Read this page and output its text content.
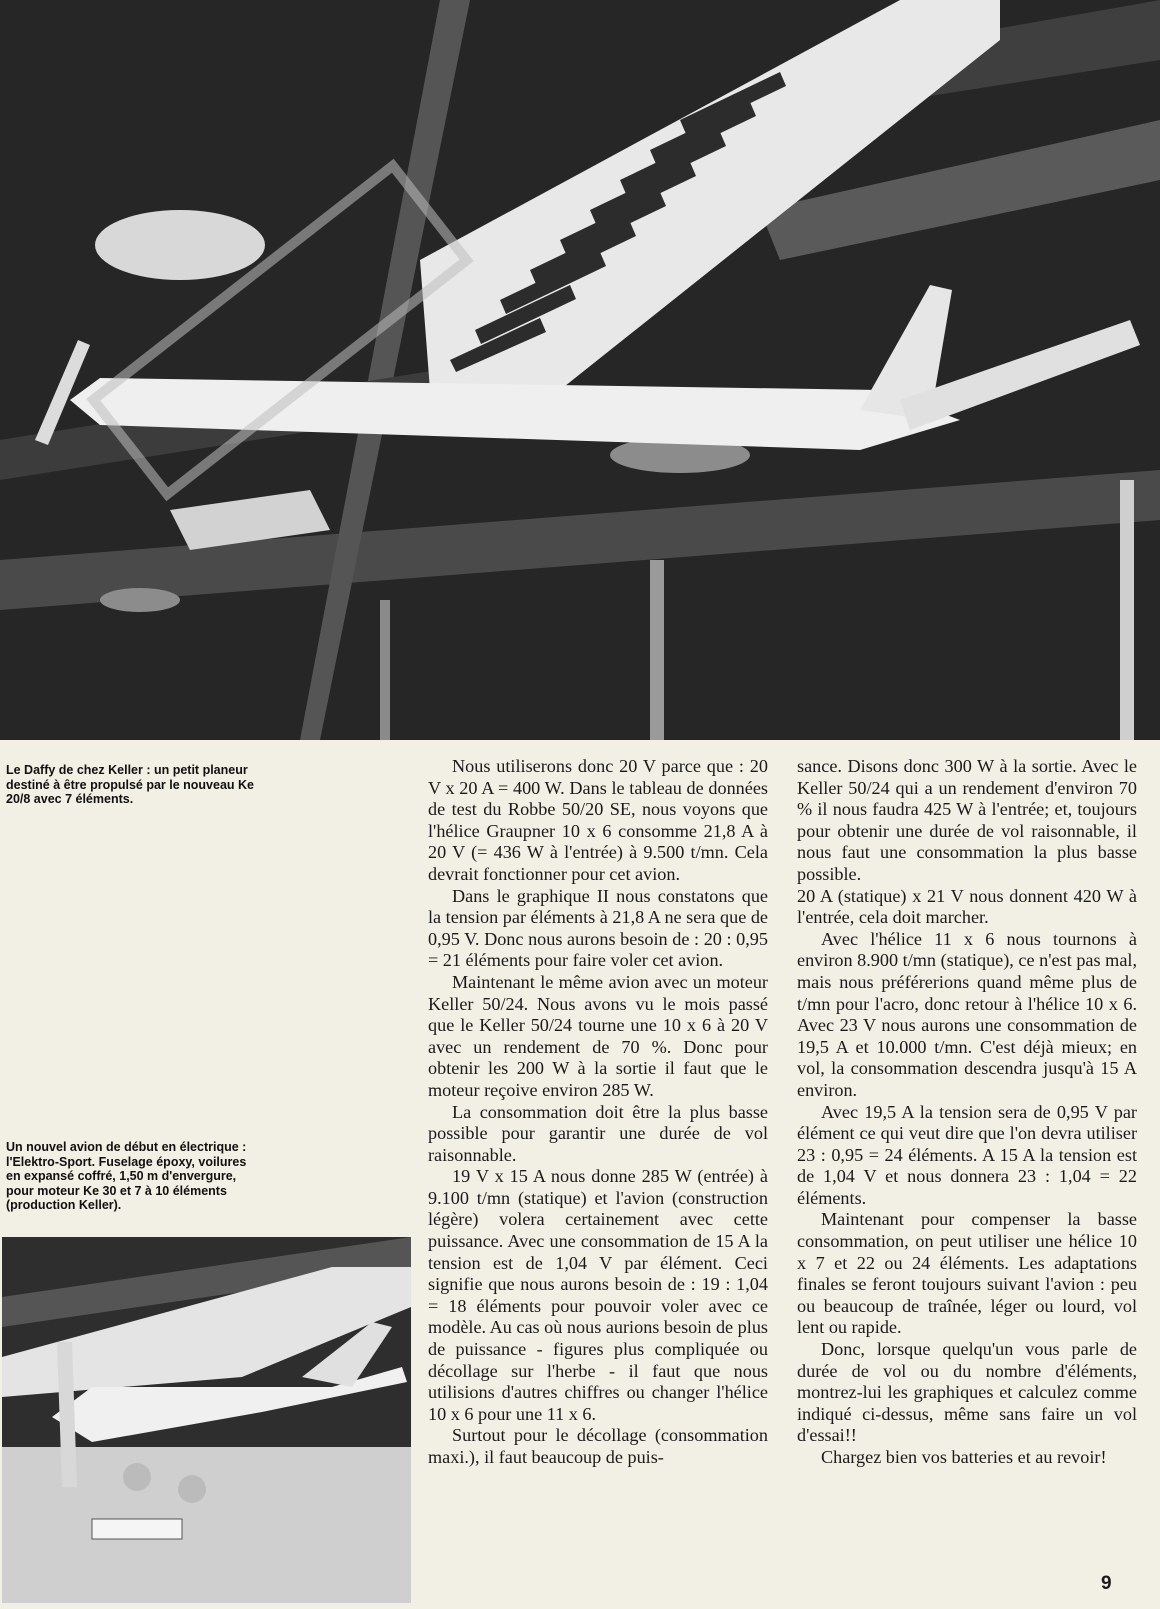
Le Daffy de chez Keller : un petit planeur destiné à être propulsé par le nouveau Ke 20/8 avec 7 éléments.
Un nouvel avion de début en électrique : l'Elektro-Sport. Fuselage époxy, voilures en expansé coffré, 1,50 m d'envergure, pour moteur Ke 30 et 7 à 10 éléments (production Keller).

Nous utiliserons donc 20 V parce que : 20 V x 20 A = 400 W. Dans le tableau de données de test du Robbe 50/20 SE, nous voyons que l'hélice Graupner 10 x 6 consomme 21,8 A à 20 V (= 436 W à l'entrée) à 9.500 t/mn. Cela devrait fonctionner pour cet avion.

Dans le graphique II nous constatons que la tension par éléments à 21,8 A ne sera que de 0,95 V. Donc nous aurons besoin de : 20 : 0,95 = 21 éléments pour faire voler cet avion.

Maintenant le même avion avec un moteur Keller 50/24. Nous avons vu le mois passé que le Keller 50/24 tourne une 10 x 6 à 20 V avec un rendement de 70 %. Donc pour obtenir les 200 W à la sortie il faut que le moteur reçoive environ 285 W.

La consommation doit être la plus basse possible pour garantir une durée de vol raisonnable.

19 V x 15 A nous donne 285 W (entrée) à 9.100 t/mn (statique) et l'avion (construction légère) volera certainement avec cette puissance. Avec une consommation de 15 A la tension est de 1,04 V par élément. Ceci signifie que nous aurons besoin de : 19 : 1,04 = 18 éléments pour pouvoir voler avec ce modèle. Au cas où nous aurions besoin de plus de puissance - figures plus compliquée ou décollage sur l'herbe - il faut que nous utilisions d'autres chiffres ou changer l'hélice 10 x 6 pour une 11 x 6.

Surtout pour le décollage (consommation maxi.), il faut beaucoup de puis-

sance. Disons donc 300 W à la sortie. Avec le Keller 50/24 qui a un rendement d'environ 70 % il nous faudra 425 W à l'entrée; et, toujours pour obtenir une durée de vol raisonnable, il nous faut une consommation la plus basse possible.

20 A (statique) x 21 V nous donnent 420 W à l'entrée, cela doit marcher.

Avec l'hélice 11 x 6 nous tournons à environ 8.900 t/mn (statique), ce n'est pas mal, mais nous préférerions quand même plus de t/mn pour l'acro, donc retour à l'hélice 10 x 6. Avec 23 V nous aurons une consommation de 19,5 A et 10.000 t/mn. C'est déjà mieux; en vol, la consommation descendra jusqu'à 15 A environ.

Avec 19,5 A la tension sera de 0,95 V par élément ce qui veut dire que l'on devra utiliser 23 : 0,95 = 24 éléments. A 15 A la tension est de 1,04 V et nous donnera 23 : 1,04 = 22 éléments.

Maintenant pour compenser la basse consommation, on peut utiliser une hélice 10 x 7 et 22 ou 24 éléments. Les adaptations finales se feront toujours suivant l'avion : peu ou beaucoup de traînée, léger ou lourd, vol lent ou rapide.

Donc, lorsque quelqu'un vous parle de durée de vol ou du nombre d'éléments, montrez-lui les graphiques et calculez comme indiqué ci-dessus, même sans faire un vol d'essai!!

Chargez bien vos batteries et au revoir!

9
